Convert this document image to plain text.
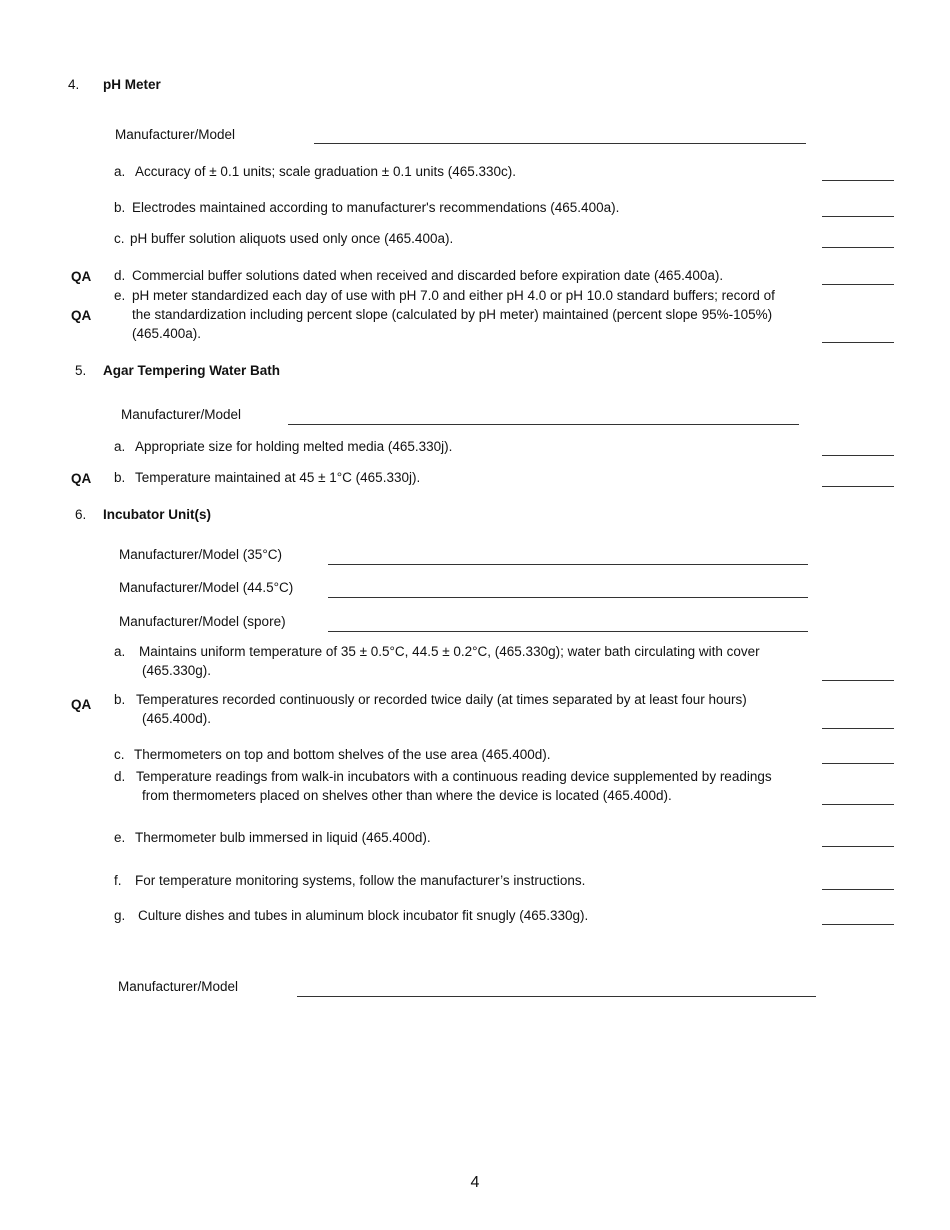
4. pH Meter
Manufacturer/Model
a. Accuracy of ± 0.1 units; scale graduation ± 0.1 units (465.330c).
b. Electrodes maintained according to manufacturer's recommendations (465.400a).
c. pH buffer solution aliquots used only once (465.400a).
QA d. Commercial buffer solutions dated when received and discarded before expiration date (465.400a).
QA
e. pH meter standardized each day of use with pH 7.0 and either pH 4.0 or pH 10.0 standard buffers; record of
the standardization including percent slope (calculated by pH meter) maintained (percent slope 95%-105%)
(465.400a).
5. Agar Tempering Water Bath
Manufacturer/Model
a. Appropriate size for holding melted media (465.330j).
QA b. Temperature maintained at 45 ± 1°C (465.330j).
6. Incubator Unit(s)
Manufacturer/Model (35°C)
Manufacturer/Model (44.5°C)
Manufacturer/Model (spore)
a. Maintains uniform temperature of 35 ± 0.5°C, 44.5 ± 0.2°C, (465.330g); water bath circulating with cover
(465.330g).
QA b. Temperatures recorded continuously or recorded twice daily (at times separated by at least four hours)
(465.400d).
c. Thermometers on top and bottom shelves of the use area (465.400d).
d. Temperature readings from walk-in incubators with a continuous reading device supplemented by readings
from thermometers placed on shelves other than where the device is located (465.400d).
e. Thermometer bulb immersed in liquid (465.400d).
f. For temperature monitoring systems, follow the manufacturer’s instructions.
g. Culture dishes and tubes in aluminum block incubator fit snugly (465.330g).
Manufacturer/Model
4
